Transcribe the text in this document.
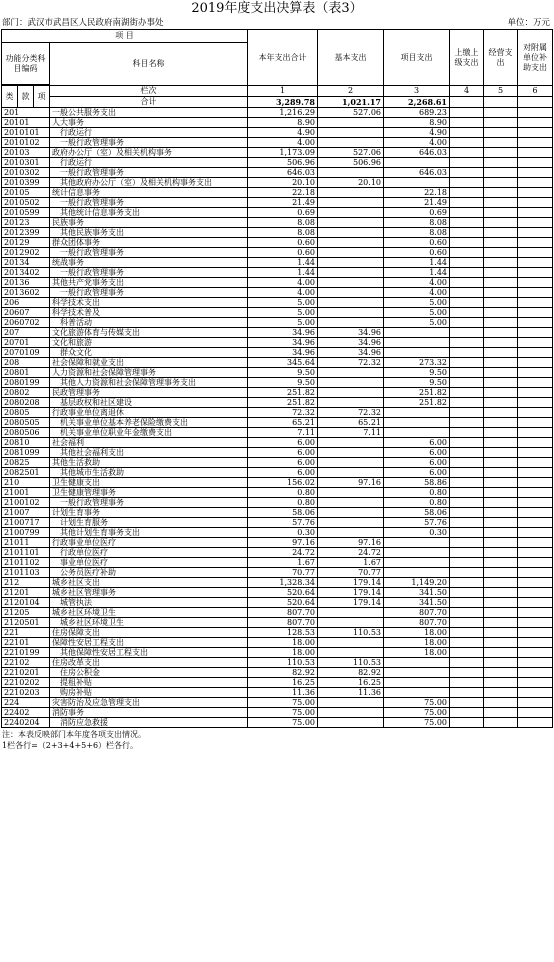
2019年度支出决算表（表3）
部门：武汉市武昌区人民政府南湖街办事处	单位：万元
项 目				本年支出合计	基本支出	项目支出	上缴上级支出	经营支出	对附属单位补助支出
功能分类科目编码			科目名称						

类	款	项	栏次	1	2	3	4	5	6
			合计	3,289.78	1,021.17	2,268.61			
201			一般公共服务支出	1,216.29	527.06	689.23			
20101			人大事务	8.90		8.90			
2010101			行政运行	4.90		4.90			
2010102			一般行政管理事务	4.00		4.00			
20103			政府办公厅（室）及相关机构事务	1,173.09	527.06	646.03			
2010301			行政运行	506.96	506.96				
2010302			一般行政管理事务	646.03		646.03			
2010399			其他政府办公厅（室）及相关机构事务支出	20.10	20.10				
20105			统计信息事务	22.18		22.18			
2010502			一般行政管理事务	21.49		21.49			
2010599			其他统计信息事务支出	0.69		0.69			
20123			民族事务	8.08		8.08			
2012399			其他民族事务支出	8.08		8.08			
20129			群众团体事务	0.60		0.60			
2012902			一般行政管理事务	0.60		0.60			
20134			统战事务	1.44		1.44			
2013402			一般行政管理事务	1.44		1.44			
20136			其他共产党事务支出	4.00		4.00			
2013602			一般行政管理事务	4.00		4.00			
206			科学技术支出	5.00		5.00			
20607			科学技术普及	5.00		5.00			
2060702			科普活动	5.00		5.00			
207			文化旅游体育与传媒支出	34.96	34.96				
20701			文化和旅游	34.96	34.96				
2070109			群众文化	34.96	34.96				
208			社会保障和就业支出	345.64	72.32	273.32			
20801			人力资源和社会保障管理事务	9.50		9.50			
2080199			其他人力资源和社会保障管理事务支出	9.50		9.50			
20802			民政管理事务	251.82		251.82			
2080208			基层政权和社区建设	251.82		251.82			
20805			行政事业单位离退休	72.32	72.32				
2080505			机关事业单位基本养老保险缴费支出	65.21	65.21				
2080506			机关事业单位职业年金缴费支出	7.11	7.11				
20810			社会福利	6.00		6.00			
2081099			其他社会福利支出	6.00		6.00			
20825			其他生活救助	6.00		6.00			
2082501			其他城市生活救助	6.00		6.00			
210			卫生健康支出	156.02	97.16	58.86			
21001			卫生健康管理事务	0.80		0.80			
2100102			一般行政管理事务	0.80		0.80			
21007			计划生育事务	58.06		58.06			
2100717			计划生育服务	57.76		57.76			
2100799			其他计划生育事务支出	0.30		0.30			
21011			行政事业单位医疗	97.16	97.16				
2101101			行政单位医疗	24.72	24.72				
2101102			事业单位医疗	1.67	1.67				
2101103			公务员医疗补助	70.77	70.77				
212			城乡社区支出	1,328.34	179.14	1,149.20			
21201			城乡社区管理事务	520.64	179.14	341.50			
2120104			城管执法	520.64	179.14	341.50			
21205			城乡社区环境卫生	807.70		807.70			
2120501			城乡社区环境卫生	807.70		807.70			
221			住房保障支出	128.53	110.53	18.00			
22101			保障性安居工程支出	18.00		18.00			
2210199			其他保障性安居工程支出	18.00		18.00			
22102			住房改革支出	110.53	110.53				
2210201			住房公积金	82.92	82.92				
2210202			提租补贴	16.25	16.25				
2210203			购房补贴	11.36	11.36				
224			灾害防治及应急管理支出	75.00		75.00			
22402			消防事务	75.00		75.00			
2240204			消防应急救援	75.00		75.00			
注：本表反映部门本年度各项支出情况。
1栏各行=（2+3+4+5+6）栏各行。
